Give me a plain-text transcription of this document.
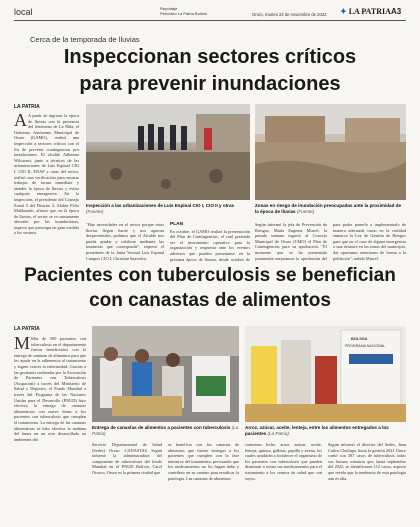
local	Reportaje
Periódico La Patria Bolivia	Oruro, martes 22 de noviembre de 2022 ✦ LA PATRIA A3
Cerca de la temporada de lluvias
Inspeccionan sectores críticos
para prevenir inundaciones
LA PATRIA
A A partir de ingresar la época de lluvias con la presencia del fenómeno de La Niña, el Gobierno Autónomo Municipal de Oruro (GAMO), realizó una inspección a sectores críticos con el fin de prevenir contingencias por inundaciones. El alcalde Adhemar Wilcarani, junto a técnicos de las urbanizaciones de Luis Espinal CIO I, CIO II, ENAF y otras del sector, realizó una verificación para encarar trabajos de forma inmediata y atender la época de lluvias y evitar cualquier emergencia. En la inspección, el presidente del Consejo Zonal 5 del Distrito 3, Abdón Félix Maldonado, afirmó que, en la época de lluvias, el sector se ve sumamente afectado por las inundaciones, aspecto que preocupa en gran medida a los vecinos.
Inspección a las urbanizaciones de Luis Espinal CIO I, CIO II y otras (Fuente)
Zonas en riesgo de inundación preocupadas ante la proximidad de la época de lluvias (Fuente)
"Hay necesidades en el sector porque estas lluvias llegan fuerte y nos agarran desprevenidos, pedimos que el Alcalde nos pueda ayudar y colabore mediante las instancias que corresponda", expresó el presidente de la Junta Vecinal Luis Espinal Campos CIO I, Christian Saavedra.
PLAN
En octubre, el GAMO realizó la presentación del Plan de Contingencias, el cual pretende ser el instrumento operativo para la organización y respuesta ante los eventos adversos que pueden presentarse en la próxima época de lluvias, desde octubre de
Según informó la jefa de Prevención de Riesgos, María Eugenia Murrel, la pasada semana ingresó al Concejo Municipal de Oruro (CMO) el Plan de Contingencias para su aprobación. "El momento que se ha presentado justamente mejoramos la aprobación del
para poder ponerlo a implementarlo de manera adecuada como en la realidad enmarca la Ley de Gestión de Riesgos para que en el caso de alguna emergencia o una desastre en las zonas del municipio, dar oportunas atenciones de forma a la población", señaló Murrel.
Pacientes con tuberculosis se benefician
con canastas de alimentos
LA PATRIA
M Más de 500 pacientes con tuberculosis en el departamento fueron beneficiados con la entrega de canastas de alimentos para que les ayude en la adherencia al tratamiento y logren vencer la enfermedad. Gracias a las gestiones realizadas por la Asociación de Pacientes con Tuberculosis (Asspacont) a través del Ministerio de Salud y Deportes, el Fondo Mundial a través del Programa de las Naciones Unidas para el Desarrollo (PNUD) hizo efectiva la entrega de canastas alimenticias con nueve ítems a los pacientes con tuberculosis que cumplen el tratamiento. La entrega de las canastas alimenticias se hizo efectiva la mañana del lunes en un acto desarrollado en ambientes del
Entrega de canastas de alimentos a pacientes con tuberculosis (La Patria)
Servicio Departamental de Salud (Sedes) Oruro. CANASTAS Según informó la administradora del componente de tuberculosis del fondo Mundial en el PNUD Bolivia, Carol Orozco, Oruro es la primera ciudad que
se beneficia con las canastas de alimentos que fueron entregas a los pacientes que cumplen con la fase intensiva del tratamiento, precisando que los medicamentos no les hagan daño y contribuir en su camino para erradicar la patología. Las canastas de alimentos
BOLIVIA
PROGRAMA NACIONAL
Arroz, azúcar, aceite, lenteja, entre los alimentos entregados a los pacientes (La Patria)
contienen leche, arroz, azúcar, aceite, lenteja, quinua, galletas, papilla y avena, los cuales ayudarán a fortalecer el organismo de los pacientes con tuberculosis que pueden disminuir a tomar sus medicamentos para el tratamiento a los centros de salud que son suyos.
Según informó el director del Sedes, Juan Carlos Challapa, hasta la gestión 2021 Oruro contó con 387 casos de tuberculosis todas sus formas, mientras que, hasta septiembre del 2022, se identificaron 112 casos, aspecto que revela que la tendencia de esta patología aún es alta.
